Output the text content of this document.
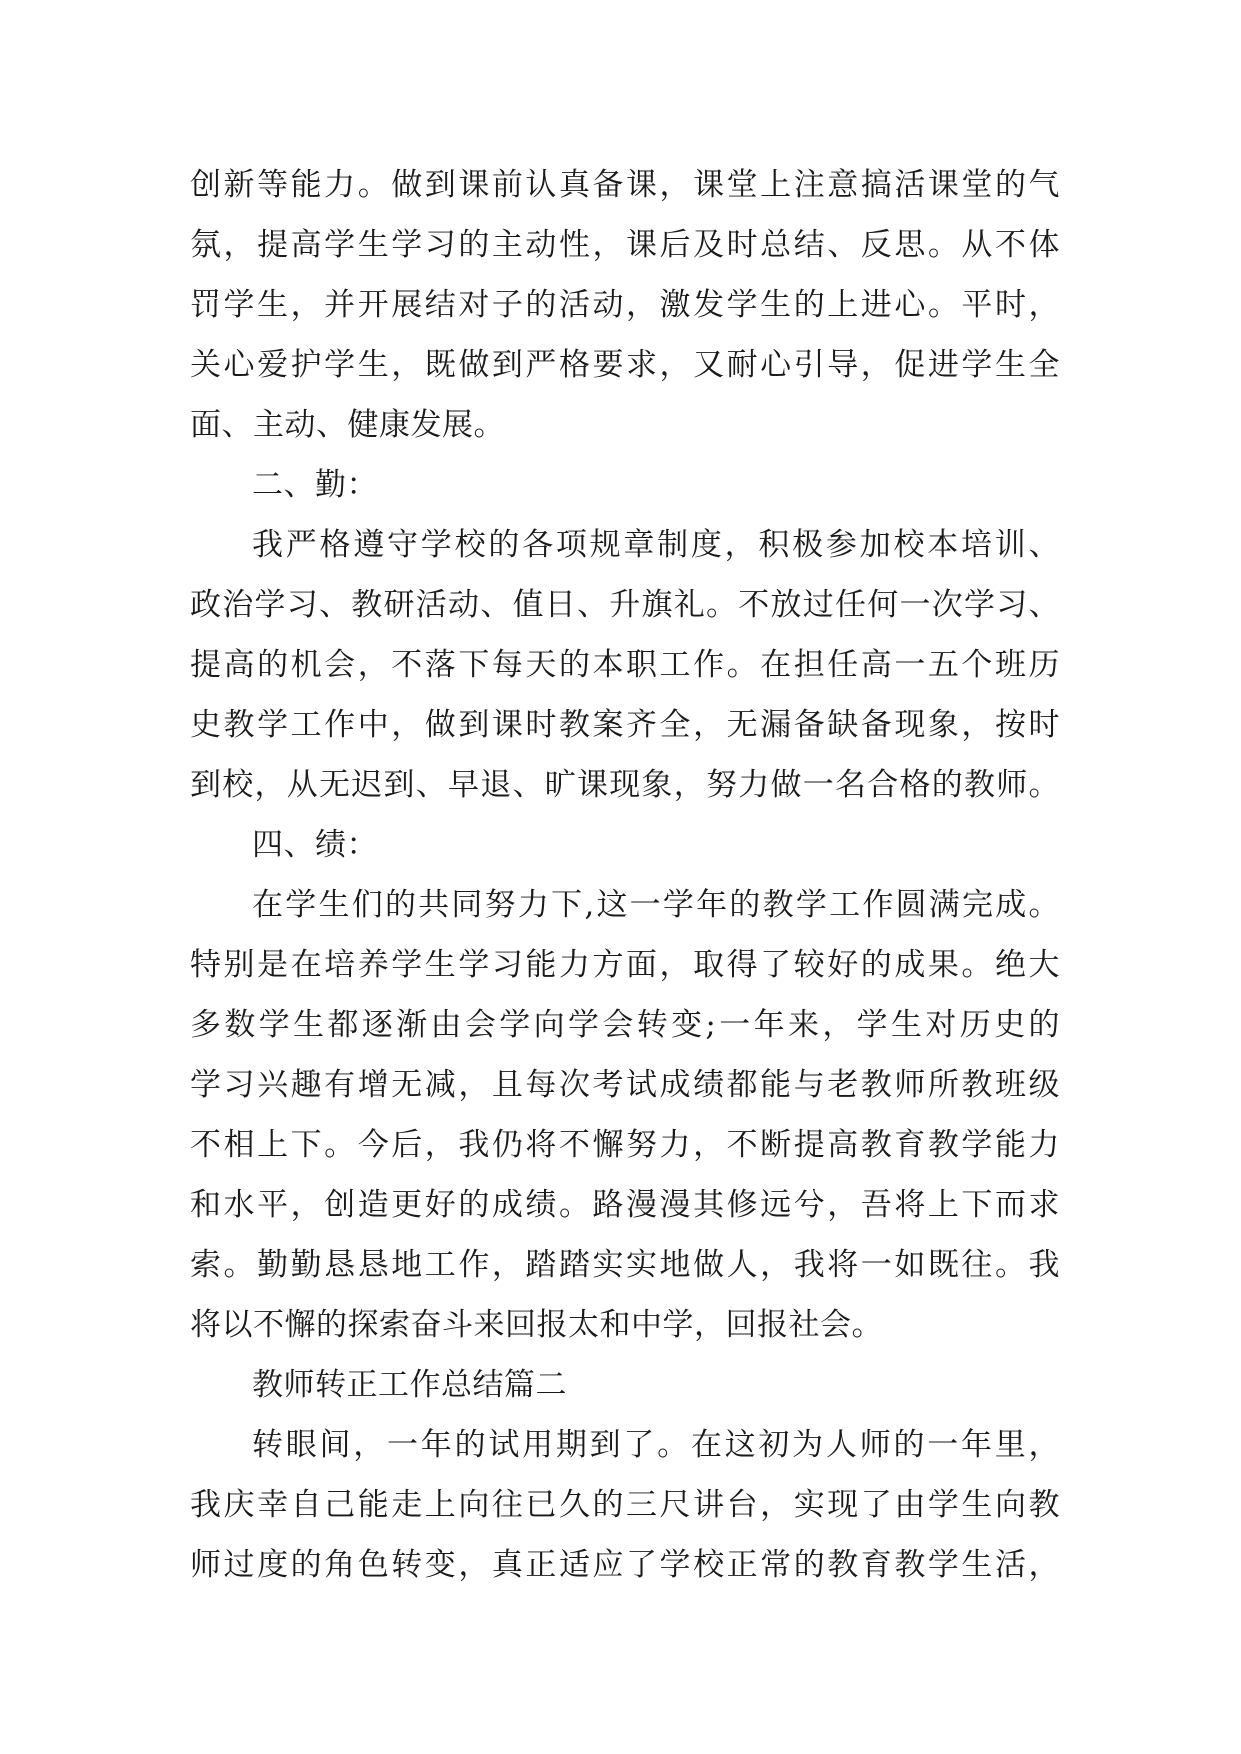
创新等能力。做到课前认真备课，课堂上注意搞活课堂的气
氛，提高学生学习的主动性，课后及时总结、反思。从不体
罚学生，并开展结对子的活动，激发学生的上进心。平时，
关心爱护学生，既做到严格要求，又耐心引导，促进学生全
面、主动、健康发展。
二、勤：
我严格遵守学校的各项规章制度，积极参加校本培训、
政治学习、教研活动、值日、升旗礼。不放过任何一次学习、
提高的机会，不落下每天的本职工作。在担任高一五个班历
史教学工作中，做到课时教案齐全，无漏备缺备现象，按时
到校，从无迟到、早退、旷课现象，努力做一名合格的教师。
四、绩：
在学生们的共同努力下,这一学年的教学工作圆满完成。
特别是在培养学生学习能力方面，取得了较好的成果。绝大
多数学生都逐渐由会学向学会转变;一年来，学生对历史的
学习兴趣有增无减，且每次考试成绩都能与老教师所教班级
不相上下。今后，我仍将不懈努力，不断提高教育教学能力
和水平，创造更好的成绩。路漫漫其修远兮，吾将上下而求
索。勤勤恳恳地工作，踏踏实实地做人，我将一如既往。我
将以不懈的探索奋斗来回报太和中学，回报社会。
教师转正工作总结篇二
转眼间，一年的试用期到了。在这初为人师的一年里，
我庆幸自己能走上向往已久的三尺讲台，实现了由学生向教
师过度的角色转变，真正适应了学校正常的教育教学生活，
